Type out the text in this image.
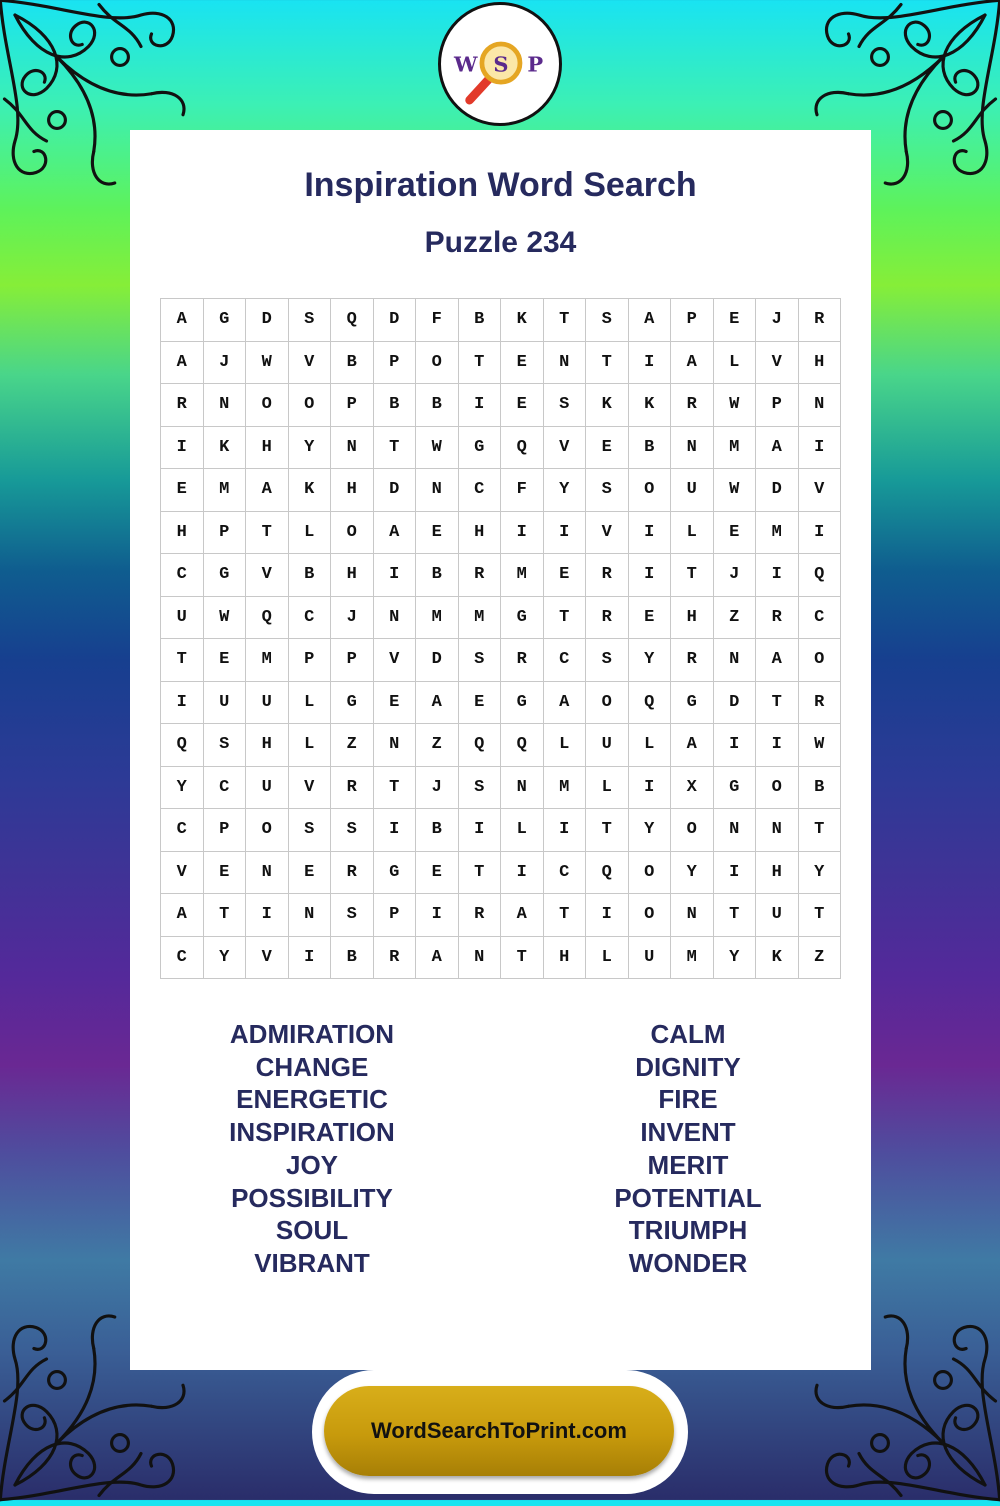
W S P
Inspiration Word Search
Puzzle 234
A	G	D	S	Q	D	F	B	K	T	S	A	P	E	J	R
A	J	W	V	B	P	O	T	E	N	T	I	A	L	V	H
R	N	O	O	P	B	B	I	E	S	K	K	R	W	P	N
I	K	H	Y	N	T	W	G	Q	V	E	B	N	M	A	I
E	M	A	K	H	D	N	C	F	Y	S	O	U	W	D	V
H	P	T	L	O	A	E	H	I	I	V	I	L	E	M	I
C	G	V	B	H	I	B	R	M	E	R	I	T	J	I	Q
U	W	Q	C	J	N	M	M	G	T	R	E	H	Z	R	C
T	E	M	P	P	V	D	S	R	C	S	Y	R	N	A	O
I	U	U	L	G	E	A	E	G	A	O	Q	G	D	T	R
Q	S	H	L	Z	N	Z	Q	Q	L	U	L	A	I	I	W
Y	C	U	V	R	T	J	S	N	M	L	I	X	G	O	B
C	P	O	S	S	I	B	I	L	I	T	Y	O	N	N	T
V	E	N	E	R	G	E	T	I	C	Q	O	Y	I	H	Y
A	T	I	N	S	P	I	R	A	T	I	O	N	T	U	T
C	Y	V	I	B	R	A	N	T	H	L	U	M	Y	K	Z
ADMIRATION
CHANGE
ENERGETIC
INSPIRATION
JOY
POSSIBILITY
SOUL
VIBRANT
CALM
DIGNITY
FIRE
INVENT
MERIT
POTENTIAL
TRIUMPH
WONDER
WordSearchToPrint.com
